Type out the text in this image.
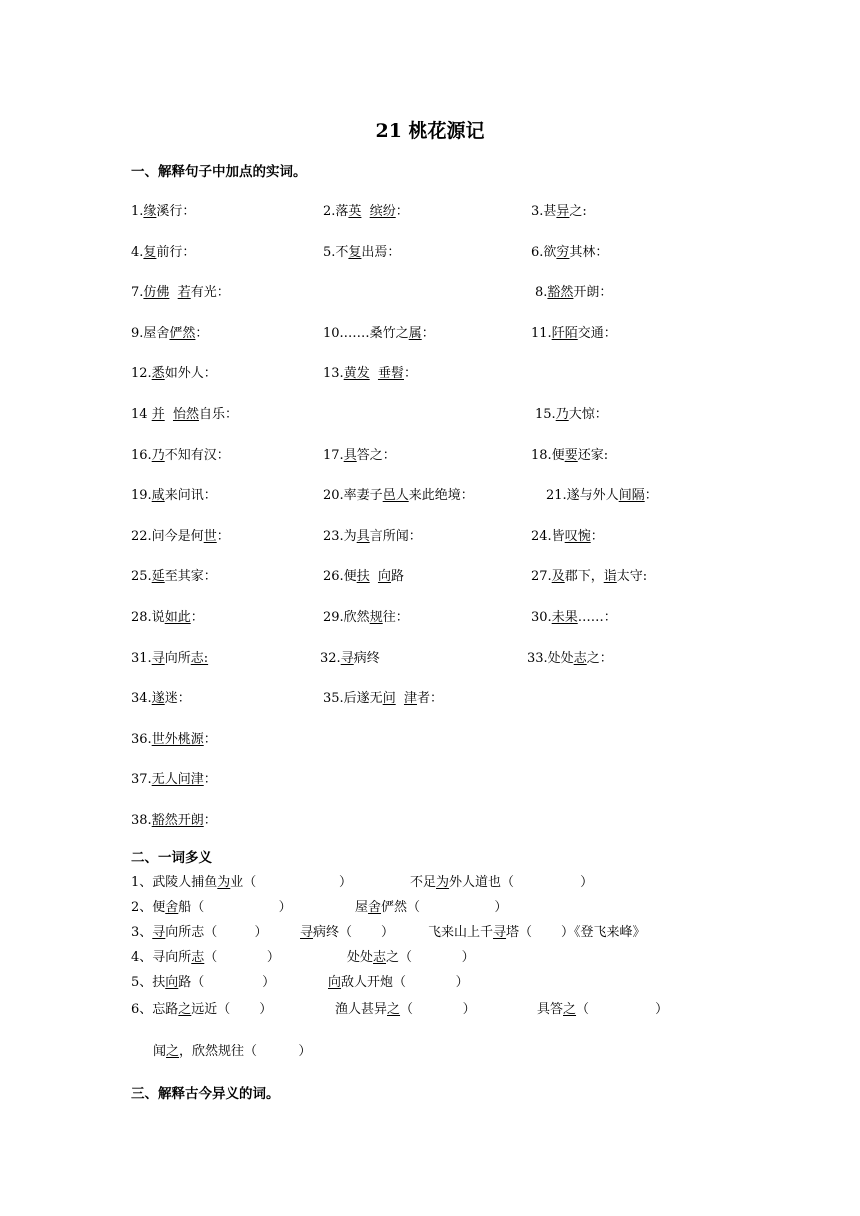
21 桃花源记
一、解释句子中加点的实词。
1.缘溪行：	2.落英 缤纷：	3.甚异之:
4.复前行：	5.不复出焉：	6.欲穷其林：
7.仿佛 若有光：	8.豁然开朗：
9.屋舍俨然：	10.……桑竹之属：	11.阡陌交通：
12.悉如外人：	13.黄发 垂髫：
14 并 怡然自乐：	15.乃大惊：
16.乃不知有汉：	17.具答之：	18.便要还家:
19.咸来问讯：	20.率妻子邑人来此绝境：	21.遂与外人间隔：
22.问今是何世：	23.为具言所闻：	24.皆叹惋：
25.延至其家：	26.便扶 向路	27.及郡下，诣太守:
28.说如此：	29.欣然规往：	30.未果……：
31.寻向所志:	32.寻病终	33.处处志之：
34.遂迷：	35.后遂无问 津者：
36.世外桃源：
37.无人问津：
38.豁然开朗：
二、一词多义
1、武陵人捕鱼为业（                    ）	不足为外人道也（                ）
2、便舍船（                  ）	屋舍俨然（                  ）
3、寻向所志（         ）	寻病终（       ）	飞来山上千寻塔（       ）《登飞来峰》
4、寻向所志（            ）	处处志之（            ）
5、扶向路（              ）	向敌人开炮（            ）
6、忘路之远近（       ）	渔人甚异之（            ）	具答之（                ）
闻之，欣然规往（          ）
三、解释古今异义的词。
